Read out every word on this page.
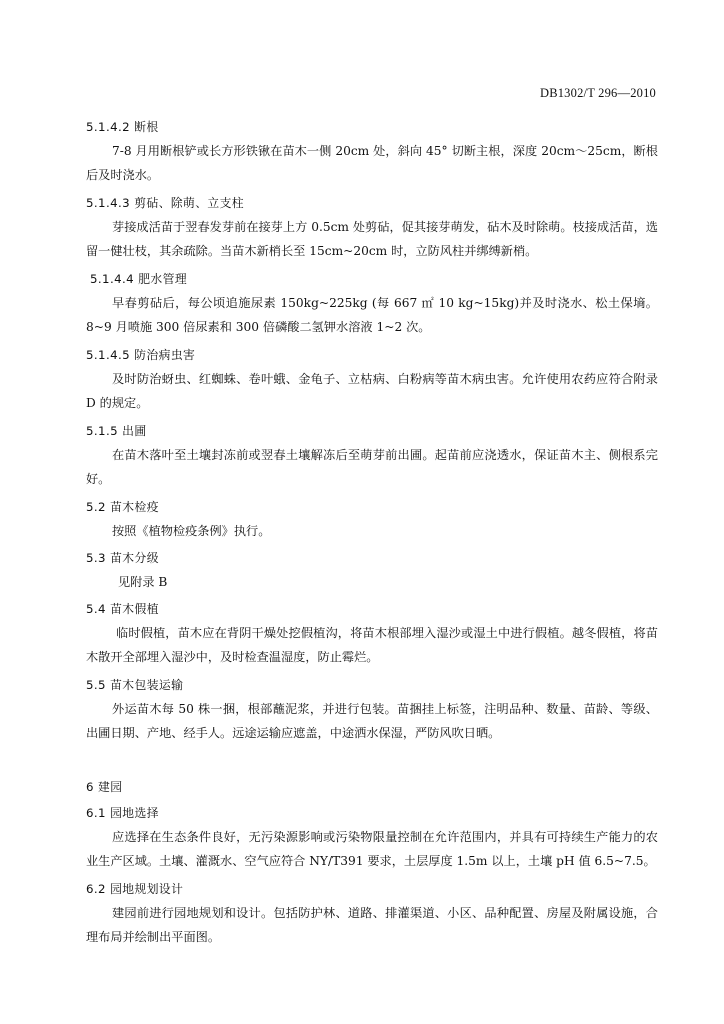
DB1302/T 296—2010
5.1.4.2 断根
7-8 月用断根铲或长方形铁锹在苗木一侧 20cm 处，斜向 45° 切断主根，深度 20cm～25cm，断根后及时浇水。
5.1.4.3 剪砧、除萌、立支柱
芽接成活苗于翌春发芽前在接芽上方 0.5cm 处剪砧，促其接芽萌发，砧木及时除萌。枝接成活苗，选留一健壮枝，其余疏除。当苗木新梢长至 15cm~20cm 时，立防风柱并绑缚新梢。
5.1.4.4 肥水管理
早春剪砧后，每公顷追施尿素 150kg~225kg (每 667 ㎡ 10 kg~15kg)并及时浇水、松土保墒。8~9 月喷施 300 倍尿素和 300 倍磷酸二氢钾水溶液 1~2 次。
5.1.4.5 防治病虫害
及时防治蚜虫、红蜘蛛、卷叶蛾、金龟子、立枯病、白粉病等苗木病虫害。允许使用农药应符合附录 D 的规定。
5.1.5 出圃
在苗木落叶至土壤封冻前或翌春土壤解冻后至萌芽前出圃。起苗前应浇透水，保证苗木主、侧根系完好。
5.2 苗木检疫
按照《植物检疫条例》执行。
5.3 苗木分级
见附录 B
5.4 苗木假植
临时假植，苗木应在背阴干燥处挖假植沟，将苗木根部埋入湿沙或湿土中进行假植。越冬假植，将苗木散开全部埋入湿沙中，及时检查温湿度，防止霉烂。
5.5 苗木包装运输
外运苗木每 50 株一捆，根部蘸泥浆，并进行包装。苗捆挂上标签，注明品种、数量、苗龄、等级、出圃日期、产地、经手人。远途运输应遮盖，中途洒水保湿，严防风吹日晒。
6 建园
6.1 园地选择
应选择在生态条件良好，无污染源影响或污染物限量控制在允许范围内，并具有可持续生产能力的农业生产区域。土壤、灌溉水、空气应符合 NY/T391 要求，土层厚度 1.5m 以上，土壤 pH 值 6.5~7.5。
6.2 园地规划设计
建园前进行园地规划和设计。包括防护林、道路、排灌渠道、小区、品种配置、房屋及附属设施，合理布局并绘制出平面图。
